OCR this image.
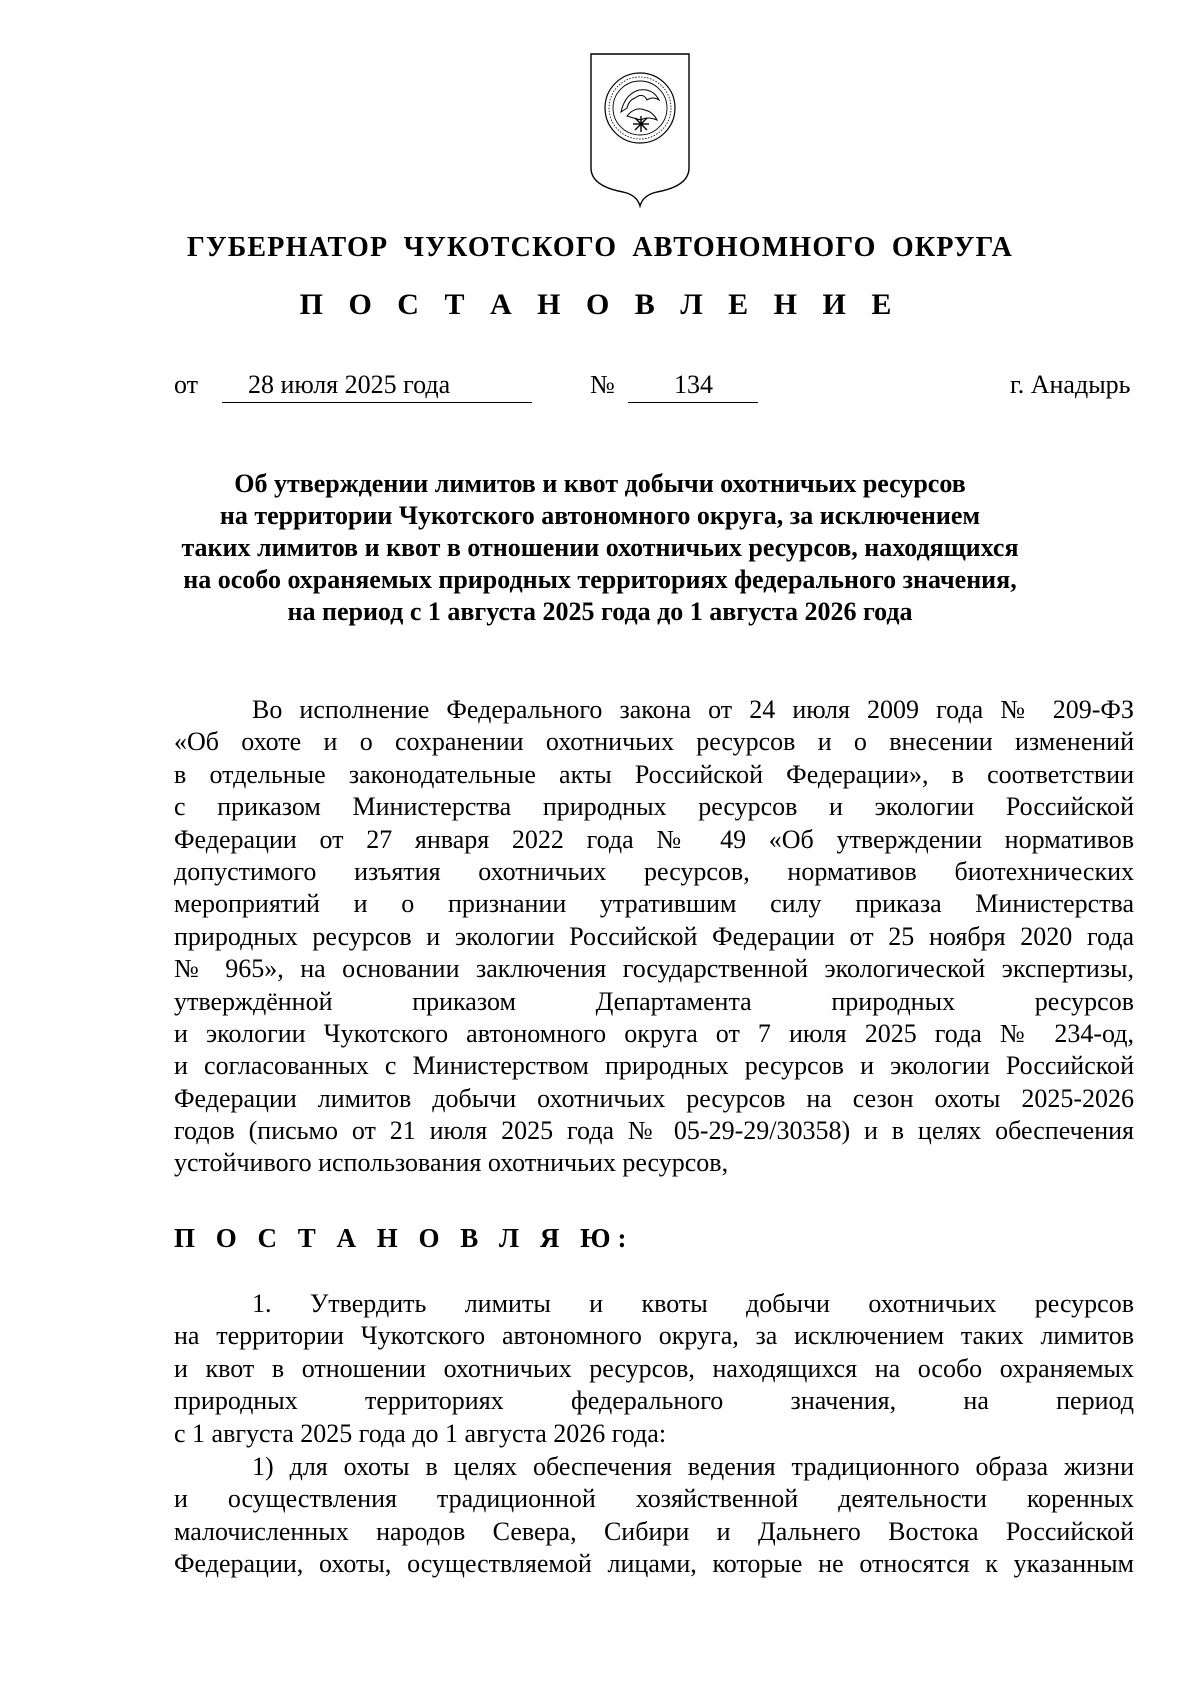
ГУБЕРНАТОР ЧУКОТСКОГО АВТОНОМНОГО ОКРУГА
П О С Т А Н О В Л Е Н И Е
от 28 июля 2025 года	№ 134	г. Анадырь
Об утверждении лимитов и квот добычи охотничьих ресурсов
на территории Чукотского автономного округа, за исключением
таких лимитов и квот в отношении охотничьих ресурсов, находящихся
на особо охраняемых природных территориях федерального значения,
на период с 1 августа 2025 года до 1 августа 2026 года
Во исполнение Федерального закона от 24 июля 2009 года № 209-ФЗ
«Об охоте и о сохранении охотничьих ресурсов и о внесении изменений
в отдельные законодательные акты Российской Федерации», в соответствии
с приказом Министерства природных ресурсов и экологии Российской
Федерации от 27 января 2022 года № 49 «Об утверждении нормативов
допустимого изъятия охотничьих ресурсов, нормативов биотехнических
мероприятий и о признании утратившим силу приказа Министерства
природных ресурсов и экологии Российской Федерации от 25 ноября 2020 года
№ 965», на основании заключения государственной экологической экспертизы,
утверждённой приказом Департамента природных ресурсов
и экологии Чукотского автономного округа от 7 июля 2025 года № 234-од,
и согласованных с Министерством природных ресурсов и экологии Российской
Федерации лимитов добычи охотничьих ресурсов на сезон охоты 2025-2026
годов (письмо от 21 июля 2025 года № 05-29-29/30358) и в целях обеспечения
устойчивого использования охотничьих ресурсов,
П О С Т А Н О В Л Я Ю:
1. Утвердить лимиты и квоты добычи охотничьих ресурсов
на территории Чукотского автономного округа, за исключением таких лимитов
и квот в отношении охотничьих ресурсов, находящихся на особо охраняемых
природных территориях федерального значения, на период
с 1 августа 2025 года до 1 августа 2026 года:
1) для охоты в целях обеспечения ведения традиционного образа жизни
и осуществления традиционной хозяйственной деятельности коренных
малочисленных народов Севера, Сибири и Дальнего Востока Российской
Федерации, охоты, осуществляемой лицами, которые не относятся к указанным
